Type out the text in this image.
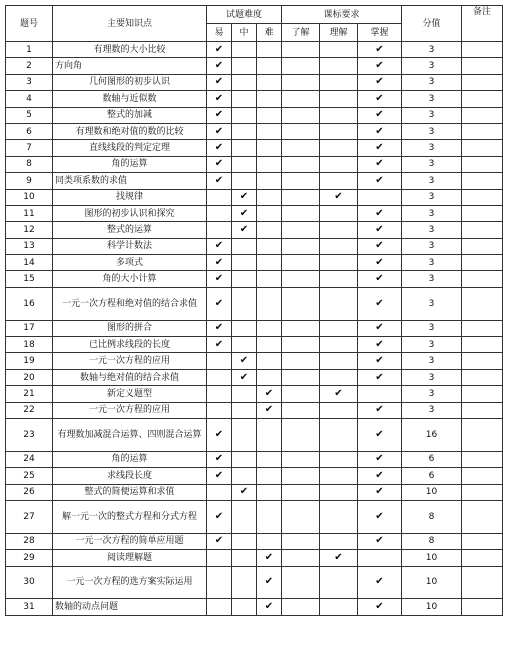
题号	主要知识点	试题难度			课标要求			分值	备注
		易	中	难	了解	理解	掌握		
1	有理数的大小比较	✔					✔	3	
2	方向角	✔					✔	3	
3	几何图形的初步认识	✔					✔	3	
4	数轴与近似数	✔					✔	3	
5	整式的加减	✔					✔	3	
6	有理数和绝对值的数的比较	✔					✔	3	
7	直线线段的判定定理	✔					✔	3	
8	角的运算	✔					✔	3	
9	同类项系数的求值	✔					✔	3	
10	找规律		✔			✔		3	
11	图形的初步认识和探究		✔				✔	3	
12	整式的运算		✔				✔	3	
13	科学计数法	✔					✔	3	
14	多项式	✔					✔	3	
15	角的大小计算	✔					✔	3	
16	一元一次方程和绝对值的结合求值	✔					✔	3	
17	图形的拼合	✔					✔	3	
18	已比例求线段的长度	✔					✔	3	
19	一元一次方程的应用		✔				✔	3	
20	数轴与绝对值的结合求值		✔				✔	3	
21	新定义题型			✔		✔		3	
22	一元一次方程的应用			✔			✔	3	
23	有理数加减混合运算、四则混合运算	✔					✔	16	
24	角的运算	✔					✔	6	
25	求线段长度	✔					✔	6	
26	整式的简便运算和求值		✔				✔	10	
27	解一元一次的整式方程和分式方程	✔					✔	8	
28	一元一次方程的简单应用题	✔					✔	8	
29	阅读理解题			✔		✔		10	
30	一元一次方程的选方案实际运用			✔			✔	10	
31	数轴的动点问题			✔			✔	10	
